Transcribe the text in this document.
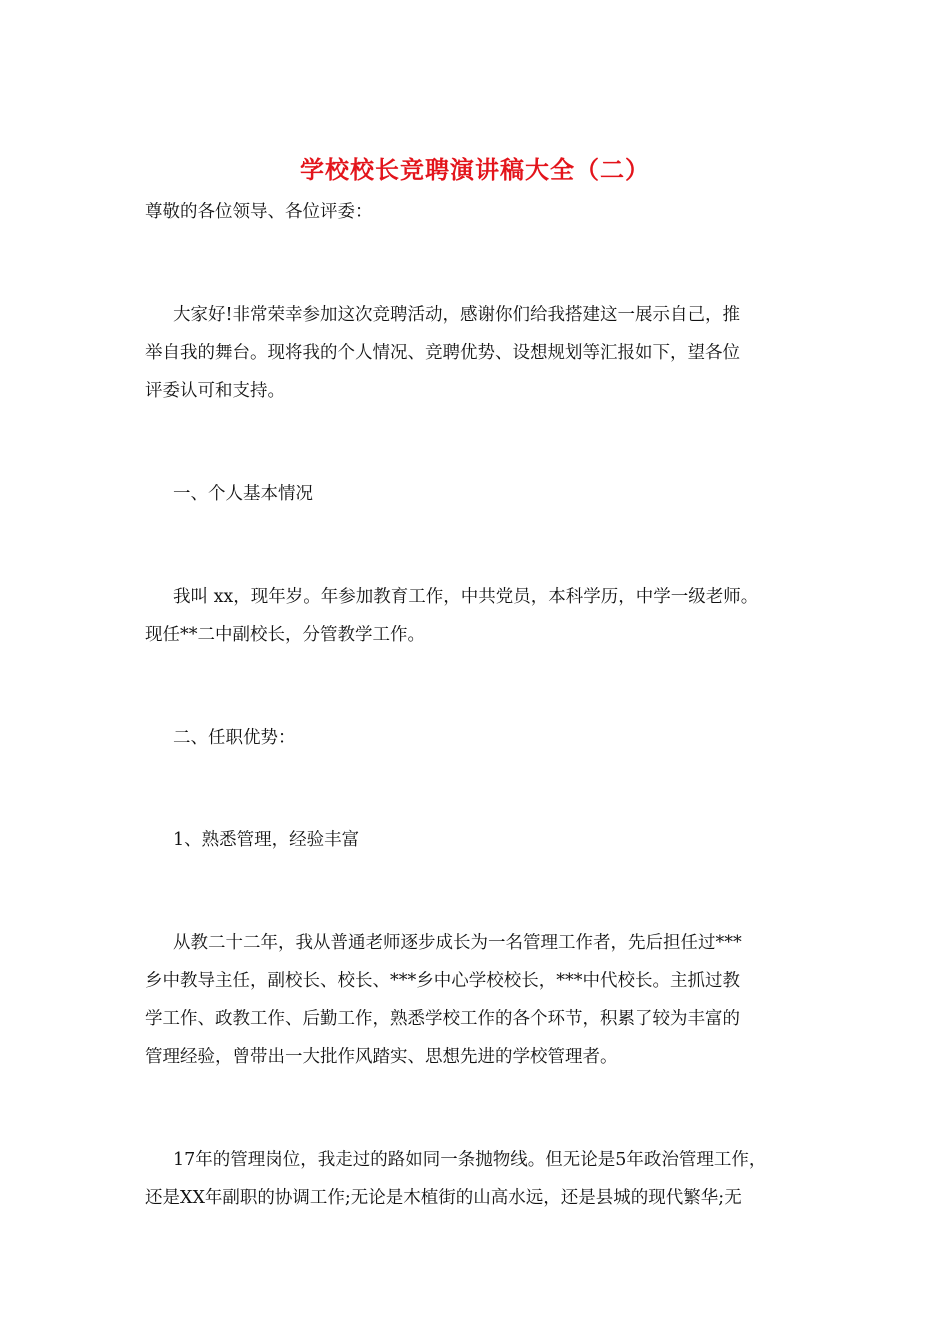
学校校长竞聘演讲稿大全（二）
尊敬的各位领导、各位评委：
大家好!非常荣幸参加这次竞聘活动，感谢你们给我搭建这一展示自己，推
举自我的舞台。现将我的个人情况、竞聘优势、设想规划等汇报如下，望各位
评委认可和支持。
一、个人基本情况
我叫 xx，现年岁。年参加教育工作，中共党员，本科学历，中学一级老师。
现任**二中副校长，分管教学工作。
二、任职优势：
1、熟悉管理，经验丰富
从教二十二年，我从普通老师逐步成长为一名管理工作者，先后担任过***
乡中教导主任，副校长、校长、***乡中心学校校长，***中代校长。主抓过教
学工作、政教工作、后勤工作，熟悉学校工作的各个环节，积累了较为丰富的
管理经验，曾带出一大批作风踏实、思想先进的学校管理者。
17年的管理岗位，我走过的路如同一条抛物线。但无论是5年政治管理工作，
还是XX年副职的协调工作;无论是木植街的山高水远，还是县城的现代繁华;无
